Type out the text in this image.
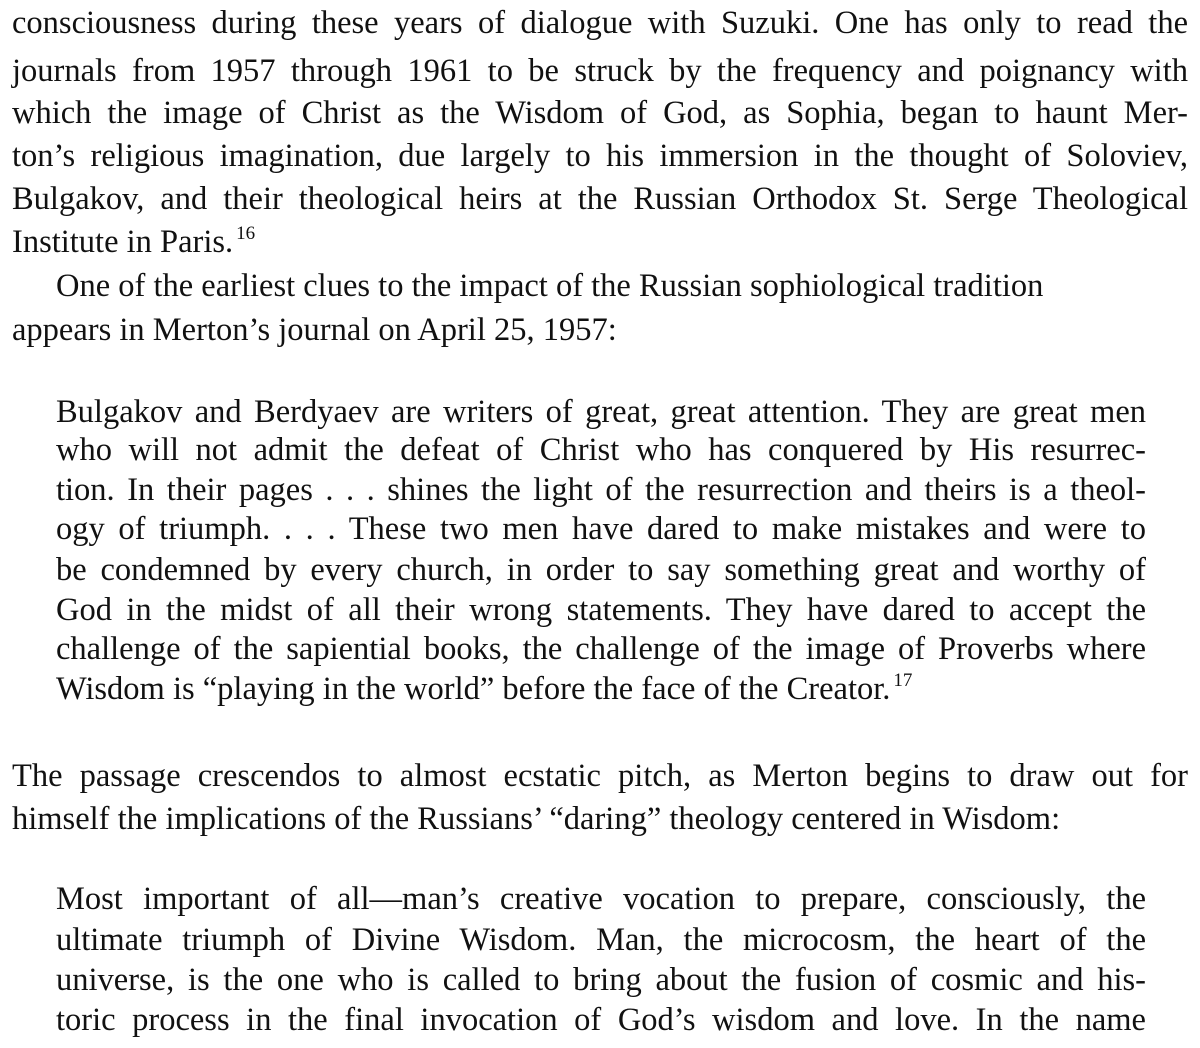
consciousness during these years of dialogue with Suzuki. One has only to read the
journals from 1957 through 1961 to be struck by the frequency and poignancy with
which the image of Christ as the Wisdom of God, as Sophia, began to haunt Mer-
ton’s religious imagination, due largely to his immersion in the thought of Soloviev,
Bulgakov, and their theological heirs at the Russian Orthodox St. Serge Theological
Institute in Paris. $^{16}$
One of the earliest clues to the impact of the Russian sophiological tradition
appears in Merton’s journal on April 25, 1957:
Bulgakov and Berdyaev are writers of great, great attention. They are great men
who will not admit the defeat of Christ who has conquered by His resurrec-
tion. In their pages . . . shines the light of the resurrection and theirs is a theol-
ogy of triumph. . . . These two men have dared to make mistakes and were to
be condemned by every church, in order to say something great and worthy of
God in the midst of all their wrong statements. They have dared to accept the
challenge of the sapiential books, the challenge of the image of Proverbs where
Wisdom is “playing in the world” before the face of the Creator. $^{17}$
The passage crescendos to almost ecstatic pitch, as Merton begins to draw out for
himself the implications of the Russians’ “daring” theology centered in Wisdom:
Most important of all—man’s creative vocation to prepare, consciously, the
ultimate triumph of Divine Wisdom. Man, the microcosm, the heart of the
universe, is the one who is called to bring about the fusion of cosmic and his-
toric process in the final invocation of God’s wisdom and love. In the name
